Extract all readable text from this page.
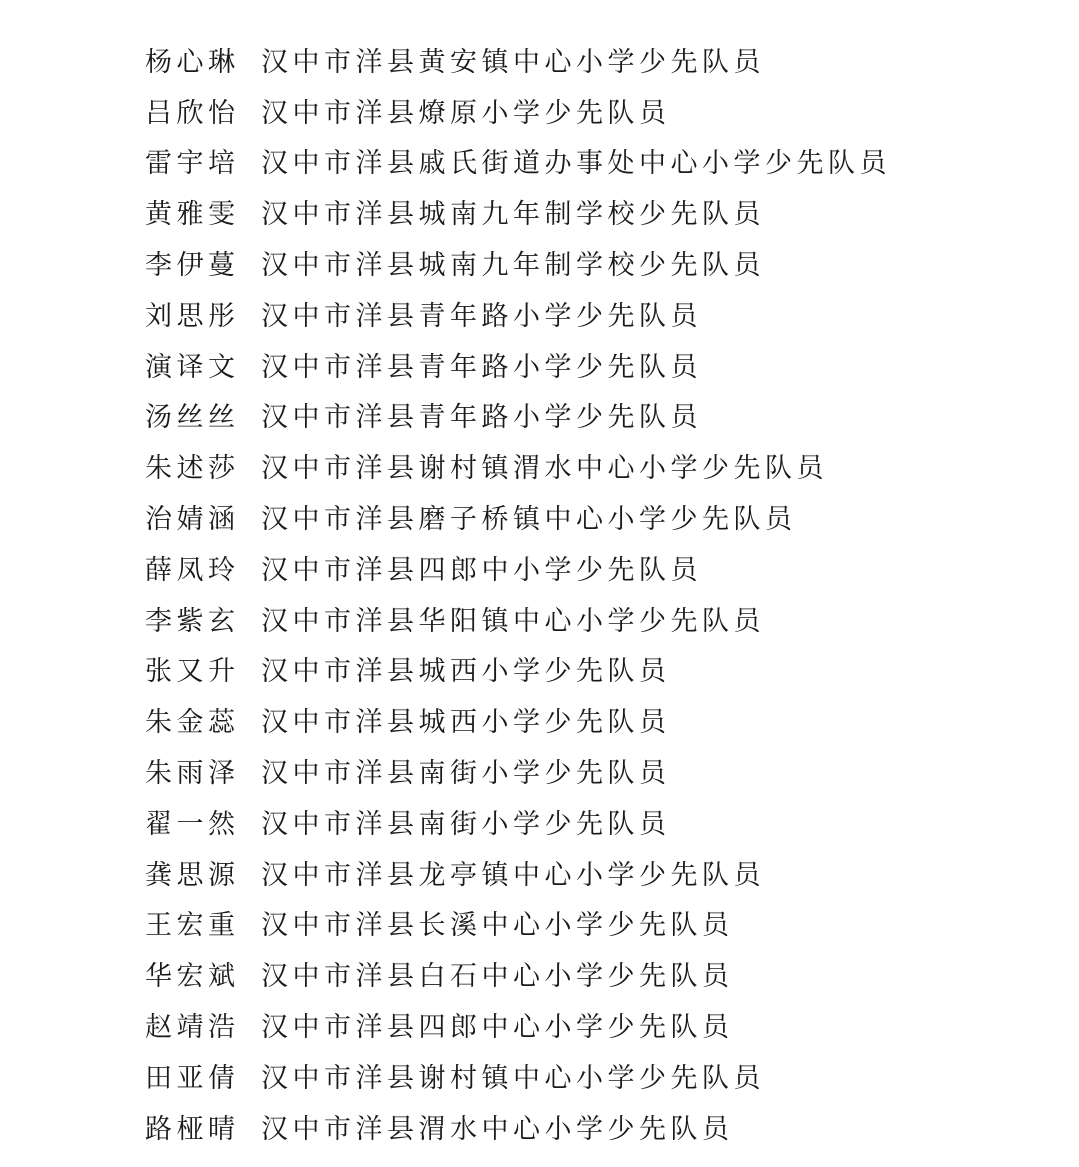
杨心琳 汉中市洋县黄安镇中心小学少先队员
吕欣怡 汉中市洋县燎原小学少先队员
雷宇培 汉中市洋县戚氏街道办事处中心小学少先队员
黄雅雯 汉中市洋县城南九年制学校少先队员
李伊蔓 汉中市洋县城南九年制学校少先队员
刘思彤 汉中市洋县青年路小学少先队员
演译文 汉中市洋县青年路小学少先队员
汤丝丝 汉中市洋县青年路小学少先队员
朱述莎 汉中市洋县谢村镇渭水中心小学少先队员
治婧涵 汉中市洋县磨子桥镇中心小学少先队员
薛凤玲 汉中市洋县四郎中小学少先队员
李紫玄 汉中市洋县华阳镇中心小学少先队员
张又升 汉中市洋县城西小学少先队员
朱金蕊 汉中市洋县城西小学少先队员
朱雨泽 汉中市洋县南街小学少先队员
翟一然 汉中市洋县南街小学少先队员
龚思源 汉中市洋县龙亭镇中心小学少先队员
王宏重 汉中市洋县长溪中心小学少先队员
华宏斌 汉中市洋县白石中心小学少先队员
赵靖浩 汉中市洋县四郎中心小学少先队员
田亚倩 汉中市洋县谢村镇中心小学少先队员
路桠晴 汉中市洋县渭水中心小学少先队员
